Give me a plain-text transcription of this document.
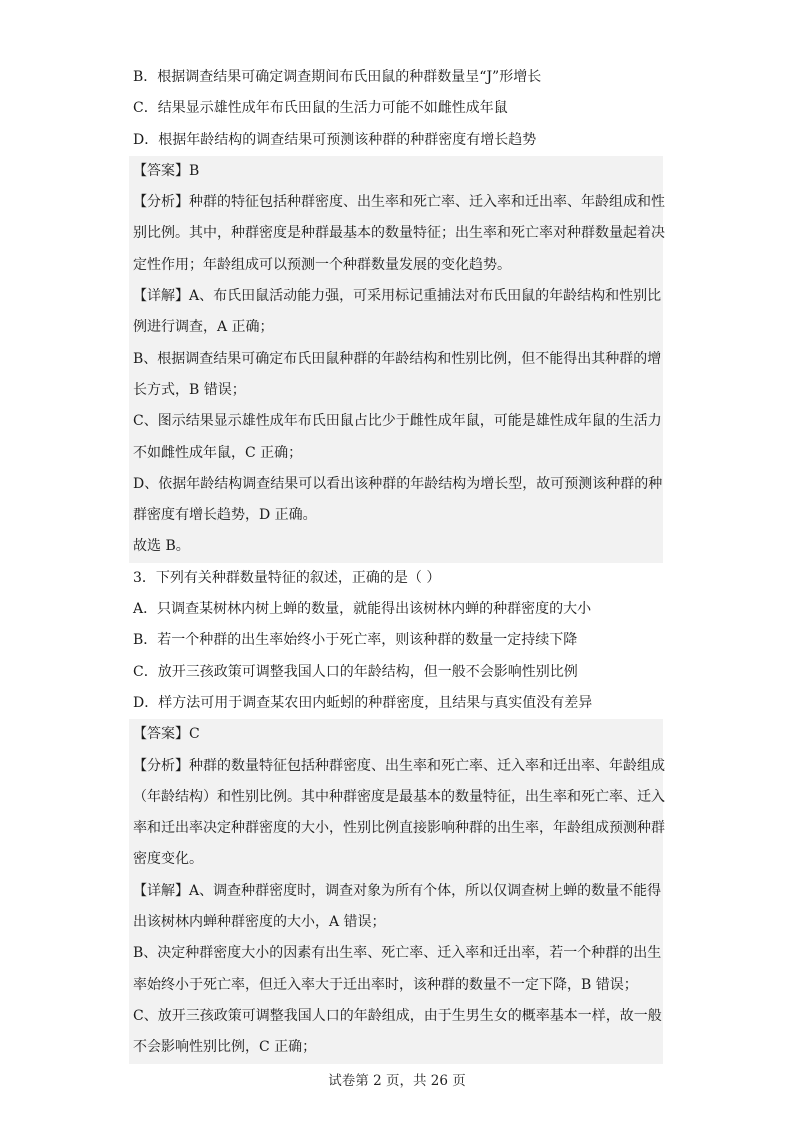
B．根据调查结果可确定调查期间布氏田鼠的种群数量呈“J”形增长
C．结果显示雄性成年布氏田鼠的生活力可能不如雌性成年鼠
D．根据年龄结构的调查结果可预测该种群的种群密度有增长趋势
【答案】B
【分析】种群的特征包括种群密度、出生率和死亡率、迁入率和迁出率、年龄组成和性
别比例。其中，种群密度是种群最基本的数量特征；出生率和死亡率对种群数量起着决
定性作用；年龄组成可以预测一个种群数量发展的变化趋势。
【详解】A、布氏田鼠活动能力强，可采用标记重捕法对布氏田鼠的年龄结构和性别比
例进行调查，A 正确；
B、根据调查结果可确定布氏田鼠种群的年龄结构和性别比例，但不能得出其种群的增
长方式，B 错误；
C、图示结果显示雄性成年布氏田鼠占比少于雌性成年鼠，可能是雄性成年鼠的生活力
不如雌性成年鼠，C 正确；
D、依据年龄结构调查结果可以看出该种群的年龄结构为增长型，故可预测该种群的种
群密度有增长趋势，D 正确。
故选 B。
3．下列有关种群数量特征的叙述，正确的是（ ）
A．只调查某树林内树上蝉的数量，就能得出该树林内蝉的种群密度的大小
B．若一个种群的出生率始终小于死亡率，则该种群的数量一定持续下降
C．放开三孩政策可调整我国人口的年龄结构，但一般不会影响性别比例
D．样方法可用于调查某农田内蚯蚓的种群密度，且结果与真实值没有差异
【答案】C
【分析】种群的数量特征包括种群密度、出生率和死亡率、迁入率和迁出率、年龄组成
（年龄结构）和性别比例。其中种群密度是最基本的数量特征，出生率和死亡率、迁入
率和迁出率决定种群密度的大小，性别比例直接影响种群的出生率，年龄组成预测种群
密度变化。
【详解】A、调查种群密度时，调查对象为所有个体，所以仅调查树上蝉的数量不能得
出该树林内蝉种群密度的大小，A 错误；
B、决定种群密度大小的因素有出生率、死亡率、迁入率和迁出率，若一个种群的出生
率始终小于死亡率，但迁入率大于迁出率时，该种群的数量不一定下降，B 错误；
C、放开三孩政策可调整我国人口的年龄组成，由于生男生女的概率基本一样，故一般
不会影响性别比例，C 正确；
试卷第 2 页，共 26 页
